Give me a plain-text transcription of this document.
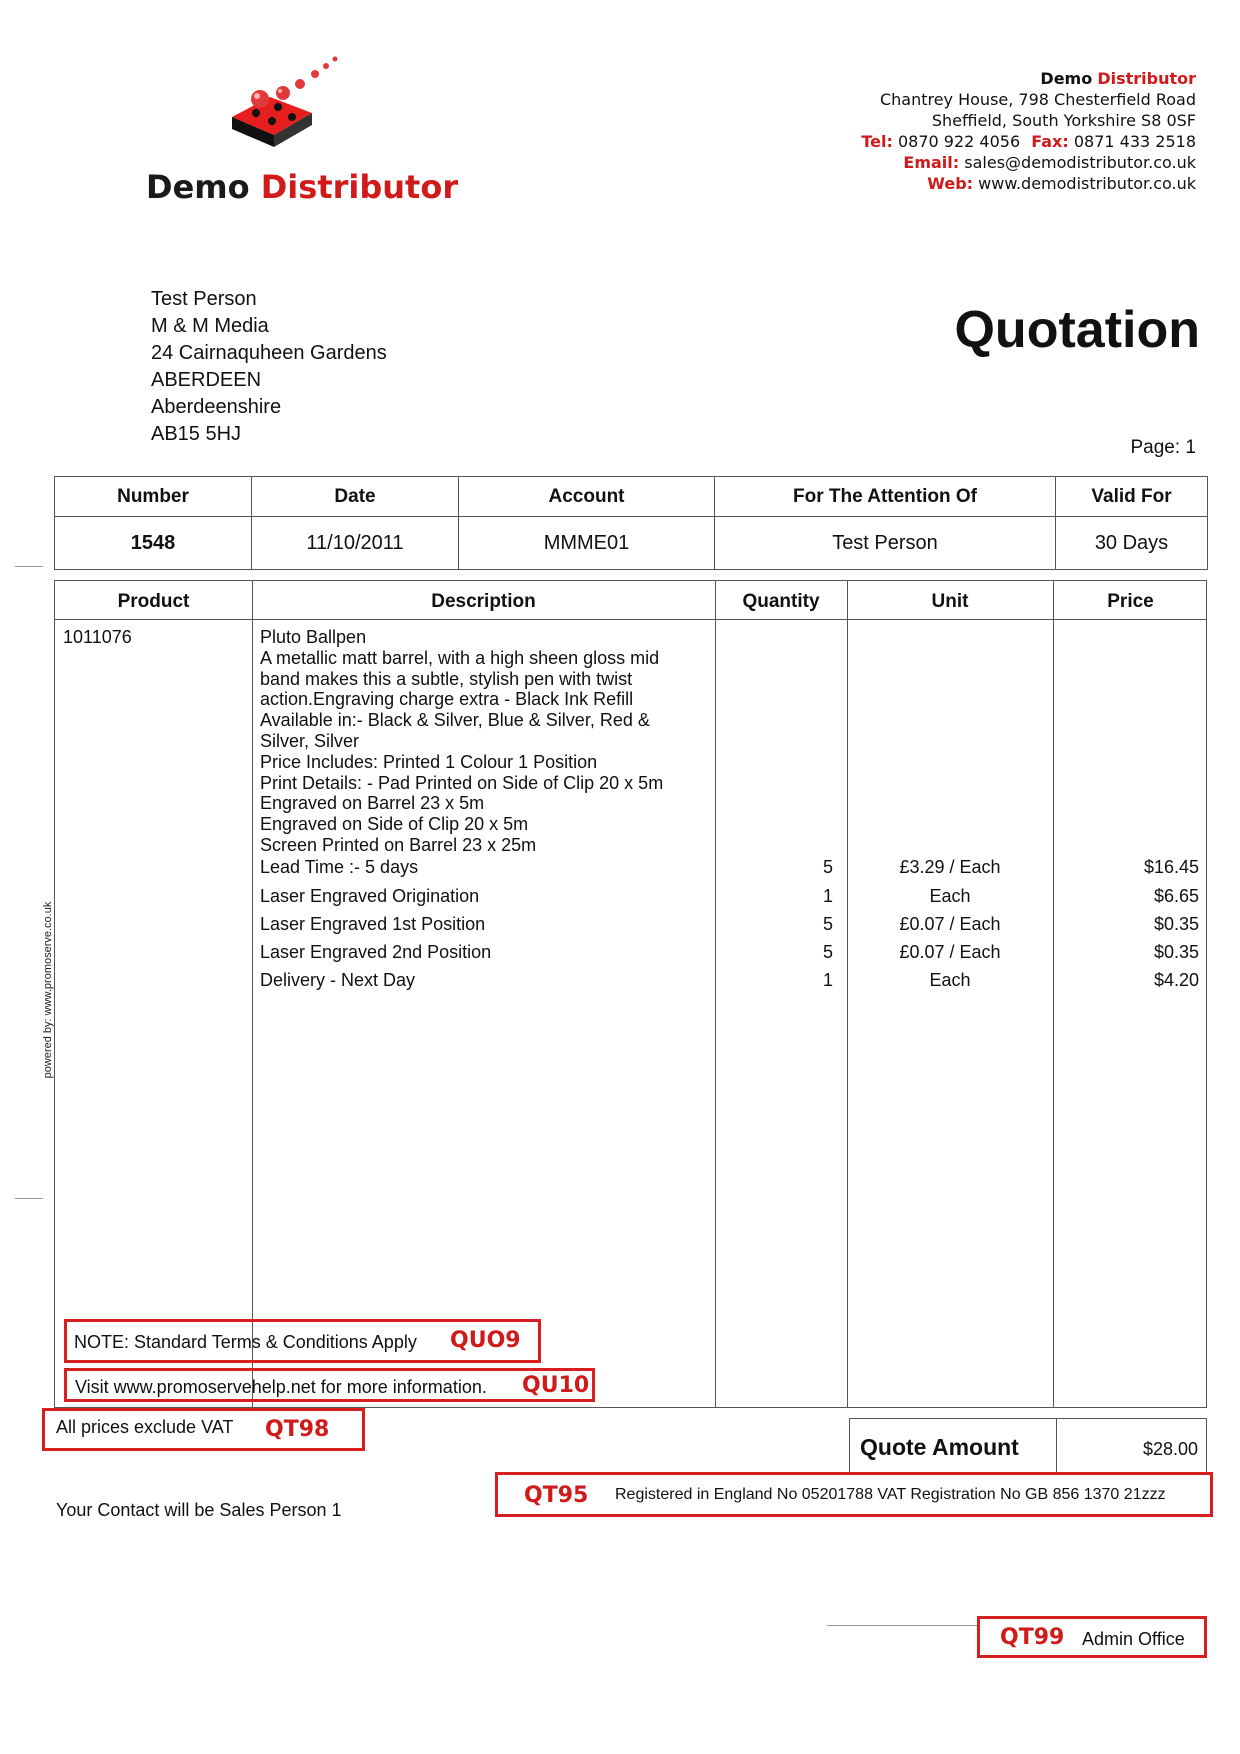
Demo Distributor
Demo Distributor
Chantrey House, 798 Chesterfield Road
Sheffield, South Yorkshire S8 0SF
Tel: 0870 922 4056 Fax: 0871 433 2518
Email: sales@demodistributor.co.uk
Web: www.demodistributor.co.uk
Test Person
M & M Media
24 Cairnaquheen Gardens
ABERDEEN
Aberdeenshire
AB15 5HJ
Quotation
Page: 1
Number	Date	Account	For The Attention Of	Valid For
1548	11/10/2011	MMME01	Test Person	30 Days
Product	Description	Quantity	Unit	Price
1011076	Pluto Ballpen
A metallic matt barrel, with a high sheen gloss mid
band makes this a subtle, stylish pen with twist
action.Engraving charge extra - Black Ink Refill
Available in:- Black & Silver, Blue & Silver, Red &
Silver, Silver
Price Includes: Printed 1 Colour 1 Position
Print Details: - Pad Printed on Side of Clip 20 x 5m
Engraved on Barrel 23 x 5m
Engraved on Side of Clip 20 x 5m
Screen Printed on Barrel 23 x 25m
Lead Time :- 5 days	5	£3.29 / Each	$16.45
Laser Engraved Origination	1	Each	$6.65
Laser Engraved 1st Position	5	£0.07 / Each	$0.35
Laser Engraved 2nd Position	5	£0.07 / Each	$0.35
Delivery - Next Day	1	Each	$4.20
NOTE: Standard Terms & Conditions Apply QUO9
Visit www.promoservehelp.net for more information. QU10
All prices exclude VAT QT98
Quote Amount	$28.00
QT95 Registered in England No 05201788 VAT Registration No GB 856 1370 21zzz
Your Contact will be Sales Person 1
QT99 Admin Office
powered by: www.promoserve.co.uk
